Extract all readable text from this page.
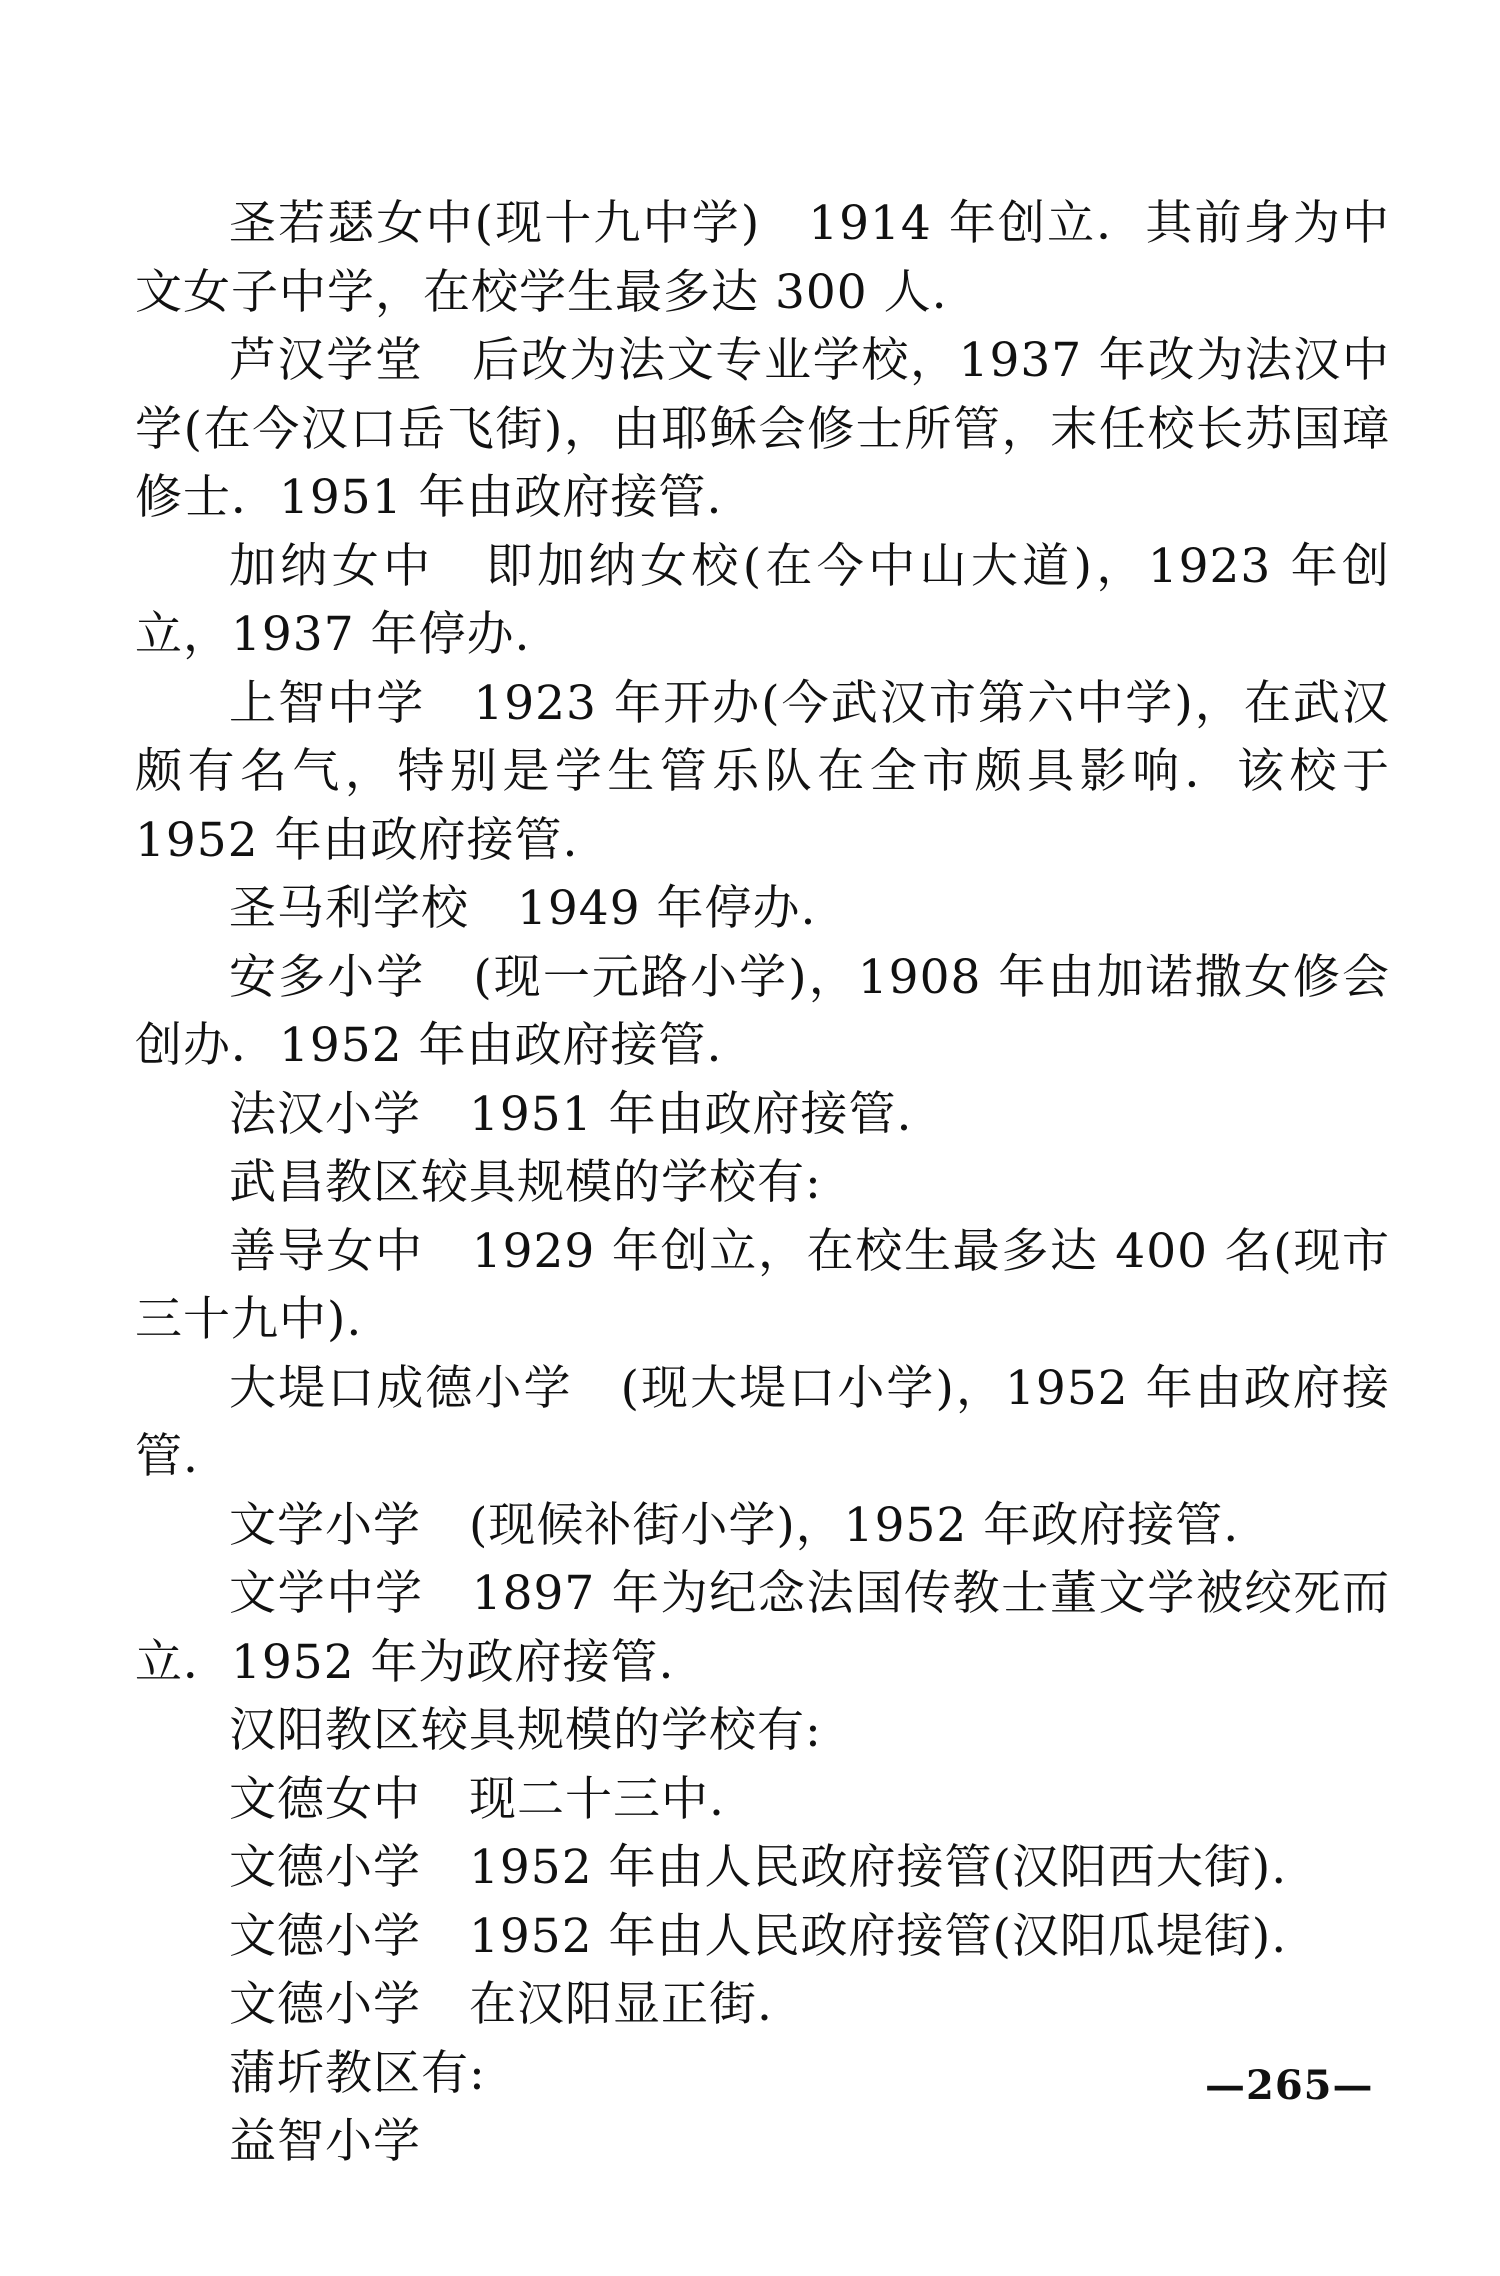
圣若瑟女中(现十九中学) 1914 年创立．其前身为中文女子中学，在校学生最多达 300 人.

芦汉学堂 后改为法文专业学校，1937 年改为法汉中学(在今汉口岳飞街)，由耶稣会修士所管，末任校长苏国璋修士．1951 年由政府接管.

加纳女中 即加纳女校(在今中山大道)，1923 年创立，1937 年停办.

上智中学 1923 年开办(今武汉市第六中学)，在武汉颇有名气，特别是学生管乐队在全市颇具影响．该校于 1952 年由政府接管.

圣马利学校 1949 年停办.

安多小学 (现一元路小学)，1908 年由加诺撒女修会创办．1952 年由政府接管.

法汉小学 1951 年由政府接管.

武昌教区较具规模的学校有:

善导女中 1929 年创立，在校生最多达 400 名(现市三十九中).

大堤口成德小学 (现大堤口小学)，1952 年由政府接管.

文学小学 (现候补街小学)，1952 年政府接管.

文学中学 1897 年为纪念法国传教士董文学被绞死而立．1952 年为政府接管.

汉阳教区较具规模的学校有:

文德女中 现二十三中.

文德小学 1952 年由人民政府接管(汉阳西大街).

文德小学 1952 年由人民政府接管(汉阳瓜堤街).

文德小学 在汉阳显正街.

蒲圻教区有:

益智小学

—265—
